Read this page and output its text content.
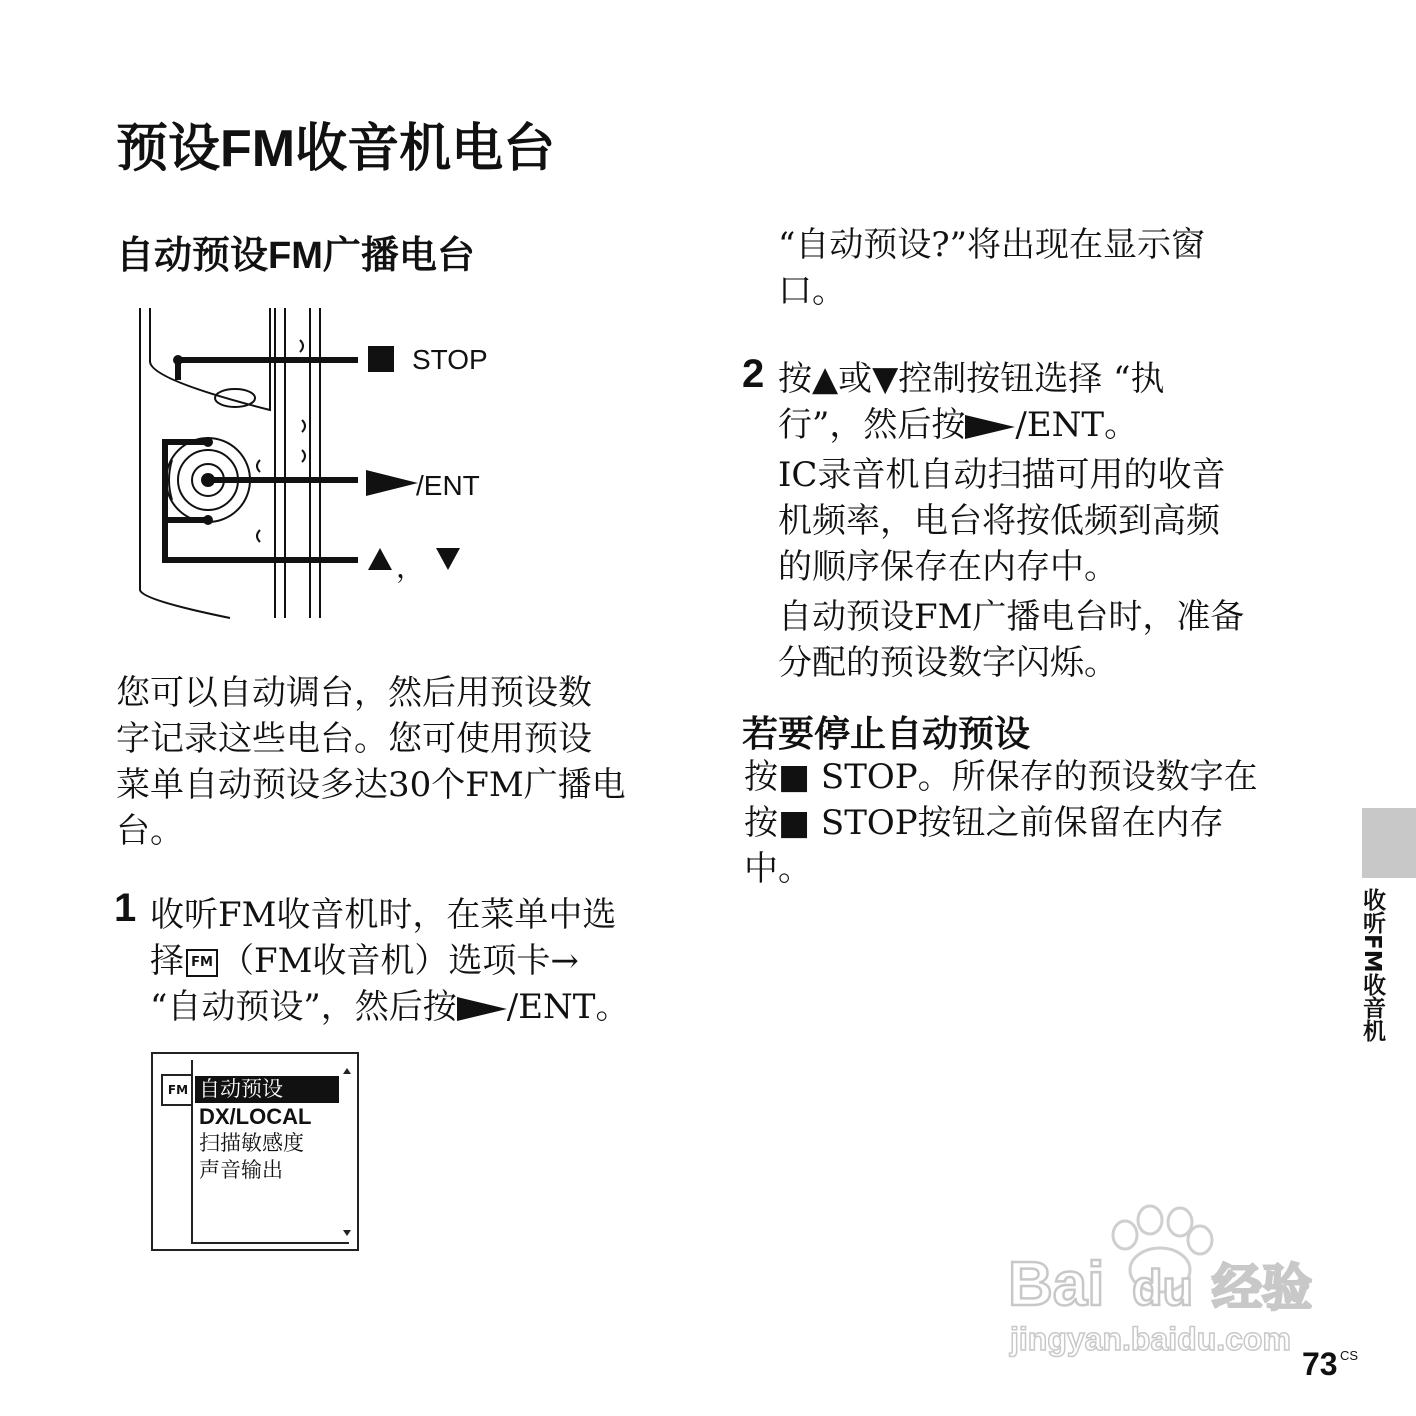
预设FM收音机电台
自动预设FM广播电台
STOP
/ENT
，
您可以自动调台，然后用预设数
字记录这些电台。您可使用预设
菜单自动预设多达30个FM广播电
台。
1 收听FM收音机时，在菜单中选
择 FM （FM收音机）选项卡→
“自动预设”，然后按 /ENT。
FM 自动预设
DX/LOCAL
扫描敏感度
声音输出
“自动预设?”将出现在显示窗
口。
2 按▲或▼控制按钮选择 “执
行”，然后按 /ENT。
IC录音机自动扫描可用的收音
机频率，电台将按低频到高频
的顺序保存在内存中。
自动预设FM广播电台时，准备
分配的预设数字闪烁。
若要停止自动预设
按■ STOP。所保存的预设数字在
按■ STOP按钮之前保留在内存
中。
收听FM收音机
Bai du 经验
jingyan.baidu.com
73 CS
